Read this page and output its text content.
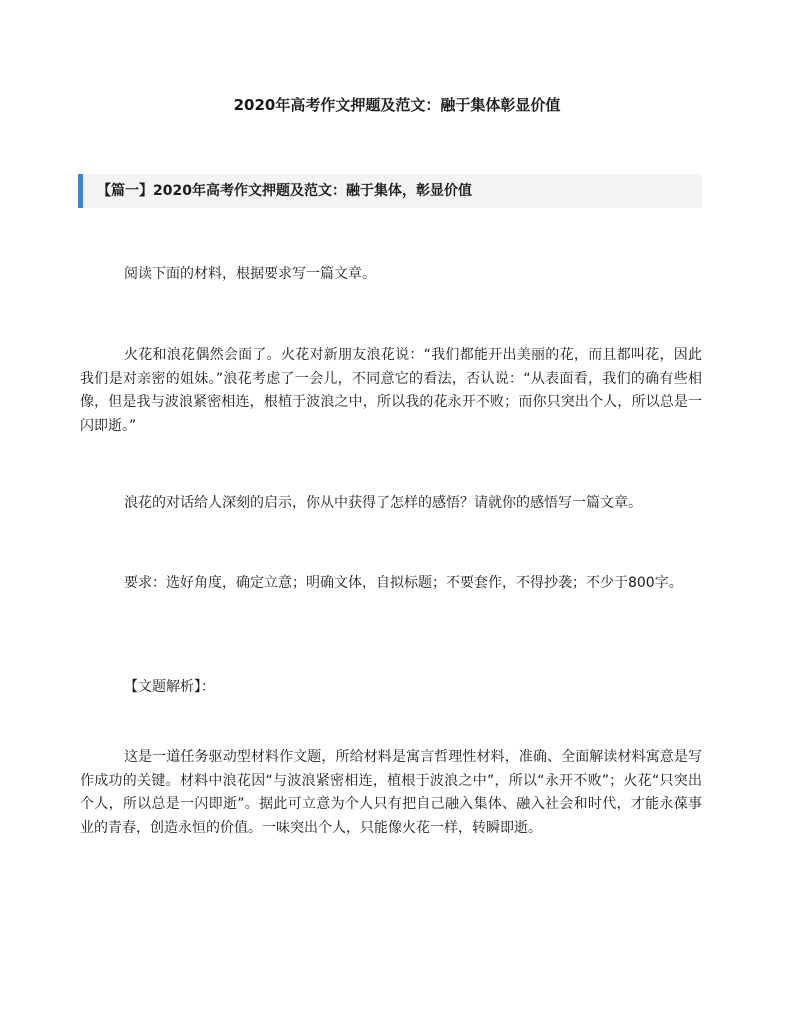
2020年高考作文押题及范文：融于集体彰显价值
【篇一】2020年高考作文押题及范文：融于集体，彰显价值

阅读下面的材料，根据要求写一篇文章。

火花和浪花偶然会面了。火花对新朋友浪花说：“我们都能开出美丽的花，而且都叫花，因此我们是对亲密的姐妹。”浪花考虑了一会儿，不同意它的看法，否认说：“从表面看，我们的确有些相像，但是我与波浪紧密相连，根植于波浪之中，所以我的花永开不败；而你只突出个人，所以总是一闪即逝。”

浪花的对话给人深刻的启示，你从中获得了怎样的感悟？请就你的感悟写一篇文章。

要求：选好角度，确定立意；明确文体，自拟标题；不要套作，不得抄袭；不少于800字。

【文题解析】：

这是一道任务驱动型材料作文题，所给材料是寓言哲理性材料，准确、全面解读材料寓意是写作成功的关键。材料中浪花因“与波浪紧密相连，植根于波浪之中”，所以“永开不败”；火花“只突出个人，所以总是一闪即逝”。据此可立意为个人只有把自己融入集体、融入社会和时代，才能永葆事业的青春，创造永恒的价值。一味突出个人，只能像火花一样，转瞬即逝。
